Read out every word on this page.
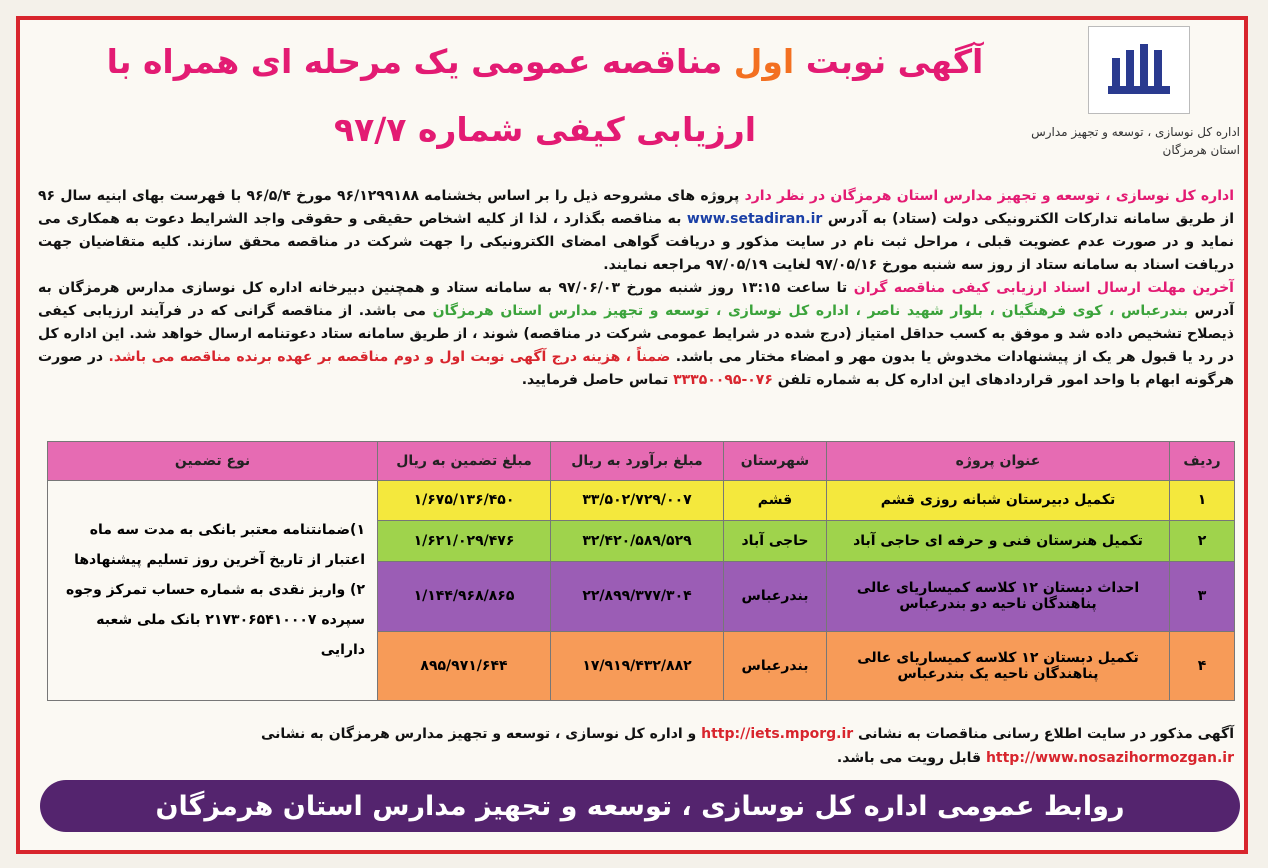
اداره کل نوسازی ، توسعه و تجهیز مدارس استان هرمزگان
آگهی نوبت اول مناقصه عمومی یک مرحله ای همراه با
ارزیابی کیفی شماره ۹۷/۷
اداره کل نوسازی ، توسعه و تجهیز مدارس استان هرمزگان در نظر دارد پروژه های مشروحه ذیل را بر اساس بخشنامه ۹۶/۱۲۹۹۱۸۸ مورخ ۹۶/۵/۴ با فهرست بهای ابنیه سال ۹۶ از طریق سامانه تدارکات الکترونیکی دولت (ستاد) به آدرس www.setadiran.ir به مناقصه بگذارد ، لذا از کلیه اشخاص حقیقی و حقوقی واجد الشرایط دعوت به همکاری می نماید و در صورت عدم عضویت قبلی ، مراحل ثبت نام در سایت مذکور و دریافت گواهی امضای الکترونیکی را جهت شرکت در مناقصه محقق سازند. کلیه متقاضیان جهت دریافت اسناد به سامانه ستاد از روز سه شنبه مورخ ۹۷/۰۵/۱۶ لغایت ۹۷/۰۵/۱۹ مراجعه نمایند.
آخرین مهلت ارسال اسناد ارزیابی کیفی مناقصه گران تا ساعت ۱۳:۱۵ روز شنبه مورخ ۹۷/۰۶/۰۳ به سامانه ستاد و همچنین دبیرخانه اداره کل نوسازی مدارس هرمزگان به آدرس بندرعباس ، کوی فرهنگیان ، بلوار شهید ناصر ، اداره کل نوسازی ، توسعه و تجهیز مدارس استان هرمزگان می باشد. از مناقصه گرانی که در فرآیند ارزیابی کیفی ذیصلاح تشخیص داده شد و موفق به کسب حداقل امتیاز (درج شده در شرایط عمومی شرکت در مناقصه) شوند ، از طریق سامانه ستاد دعوتنامه ارسال خواهد شد. این اداره کل در رد یا قبول هر یک از پیشنهادات مخدوش یا بدون مهر و امضاء مختار می باشد. ضمناً ، هزینه درج آگهی نوبت اول و دوم مناقصه بر عهده برنده مناقصه می باشد. در صورت هرگونه ابهام با واحد امور قراردادهای این اداره کل به شماره تلفن ۰۷۶-۳۳۳۵۰۰۹۵ تماس حاصل فرمایید.
ردیف	عنوان پروژه	شهرستان	مبلغ برآورد به ریال	مبلغ تضمین به ریال	نوع تضمین
۱	تکمیل دبیرستان شبانه روزی قشم	قشم	۳۳/۵۰۲/۷۲۹/۰۰۷	۱/۶۷۵/۱۳۶/۴۵۰	۱)ضمانتنامه معتبر بانکی به مدت سه ماه اعتبار از تاریخ آخرین روز تسلیم پیشنهادها ۲) واریز نقدی به شماره حساب تمرکز وجوه سپرده ۲۱۷۳۰۶۵۴۱۰۰۰۷ بانک ملی شعبه دارایی
۲	تکمیل هنرستان فنی و حرفه ای حاجی آباد	حاجی آباد	۳۲/۴۲۰/۵۸۹/۵۲۹	۱/۶۲۱/۰۲۹/۴۷۶	
۳	احداث دبستان ۱۲ کلاسه کمیساریای عالی پناهندگان ناحیه دو بندرعباس	بندرعباس	۲۲/۸۹۹/۳۷۷/۳۰۴	۱/۱۴۴/۹۶۸/۸۶۵	
۴	تکمیل دبستان ۱۲ کلاسه کمیساریای عالی پناهندگان ناحیه یک بندرعباس	بندرعباس	۱۷/۹۱۹/۴۳۲/۸۸۲	۸۹۵/۹۷۱/۶۴۴	
آگهی مذکور در سایت اطلاع رسانی مناقصات به نشانی http://iets.mporg.ir و اداره کل نوسازی ، توسعه و تجهیز مدارس هرمزگان به نشانی http://www.nosazihormozgan.ir قابل رویت می باشد.
روابط عمومی اداره کل نوسازی ، توسعه و تجهیز مدارس استان هرمزگان
